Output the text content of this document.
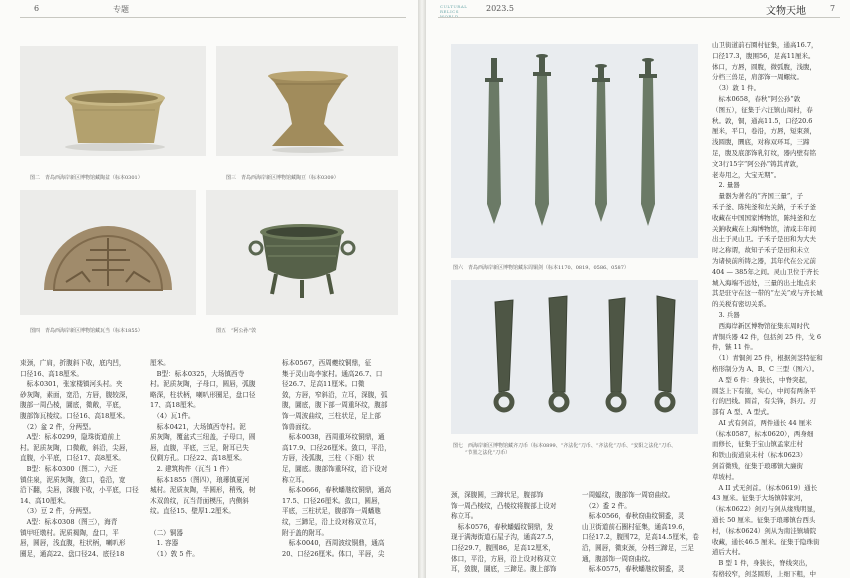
6	专题
图二　青岛西海岸新区博物馆藏陶盆（标本0301）	图三　青岛西海岸新区博物馆藏陶豆（标本0309）
图四　青岛西海岸新区博物馆藏瓦当（标本1855）	图五　“阿公孙”敦
束颈，广肩，折腹斜下收，底内凹，
口径16、高18厘米。
　标本0301，张家楼镇河头村。夹
砂灰陶，素面，宽沿，方唇，腹较深，
腹部一周凸棱，圜底，微敞，平底，
腹部饰瓦棱纹。口径16、高18厘米。
　（2）盆 2 件，分两型。
　A型：标本0299，隐珠街道前上
村。泥质灰陶，口微敞，斜沿，尖唇，
直腹，小平底，口径17、高8厘米。
　B型：标本0300（图二），六汪
镇住泉，泥质灰陶，敛口，卷沿，宽
沿下翻，尖唇，深腹下收，小平底，口径
14、高10厘米。
　（3）豆 2 件，分两型。
　A型：标本0308（图三），海青
镇甲旺墩村。泥质褐陶，盘口，平
唇，圆唇，浅直腹，柱状柄，喇叭形
圈足，通高22、盘口径24、底径18
厘米。
　B型：标本0325，大场镇西寺
村。泥质灰陶，子母口，圆唇，弧腹
略深，柱状柄，喇叭形圈足，盘口径
17、高18厘米。
　（4）瓦1件。
　标本0421，大场镇西寺村。泥
质灰陶，覆盆式三纽盖，子母口，圆
唇，直腹，平底，三足，附耳已失
仅剩方孔。口径22、高18厘米。
　2. 建筑构件（瓦当 1 件）
　标本1855（图四），琅琊镇夏河
城村。泥质灰陶，半圆形，稍残，树
木双兽纹，瓦当背面模压，内侧斜
纹。直径15、壁厚1.2厘米。

（二）铜器
　1. 容器
　（1）敦 5 件。
标本0567，西周夔纹铜鼎，征
集于灵山岛李家村。通高26.7、口
径26.7、足高11厘米。口微
敛，方唇，窄斜沿，立耳，深腹，弧
腹，圜底，腹下部一周重环纹，腹部
饰一周波曲纹，三柱状足，足上部
饰兽面纹。
　标本0038，西周重环纹铜鼎，通
高17.9、口径26厘米。敛口，平沿，
方唇，浅弧腹，三柱（下细）状
足，圜底。腹部饰重环纹，沿下设对
称立耳。
　标本0666，春秋蟠虺纹铜鼎，通高
17.5、口径26厘米。敛口，圆唇，
平底，三柱状足，腹部饰一周蟠虺
纹，三蹄足，沿上设对称双立耳，
附于盖的附耳。
　标本0040，西周波纹铜鼎，通高
20、口径26厘米。体口，平唇，尖
CULTURAL
RELICS	文物天地
2023.5	7
图六　青岛西海岸新区博物馆藏东周铜剑（标本1170、0819、0586、0587）
图七　西海岸新区博物馆藏齐刀币（标本0899、“齐法化”刀币、“齐法化”刀币、“安阳之法化”刀币、
“节墨之法化”刀币）
山卫街道前石圈村征集，通高16.7，
口径17.3，腹围56，足高11厘米。
体口，方唇，圆腹，微弧腹，浅腹，
分档三兽足，肩部饰一周螺纹。
　（3）敦 1 件。
　标本0658，春秋“阿公孙”敦
（图五），征集于六汪镇山周村，春
秋。敦，铜，通高11.5，口径20.6
厘米，平口，卷沿，方唇，短束颈，
浅圆腹，圜底，对称双环耳，三蹄
足，腹及底部饰乳钉纹，器内壁有铭
文3行15字“阿公孙”铸其青敦，
老寿用之，大宝无期”。
　2. 量器
　量器为著名的“齐国三量”，子
禾子釜、陈纯釜和左关鈉，子禾子釜
收藏在中国国家博物馆，陈纯釜和左
关鈉收藏在上海博物馆，清咸丰年间
出土于灵山卫。子禾子是田和为大夫
时之称谓，故知子禾子是田和未立
为诸侯前所铸之器，其年代在公元前
404 — 385年之间。灵山卫位于齐长
城入海端不远处，三量的出土地点来
其是驻守在这一带的“左关”或与齐长城
的关税有密切关系。
　3. 兵器
　西海岸新区博物馆征集东周时代
青铜兵器 42 件，包括剑 25 件，戈 6
件，镞 11 件。
　（1）青铜剑 25 件，根据剑茎特征和
格形制分为 A、B、C 三型（图六）。
　A 型 6 件：身狭长，中脊突起，
圆茎上下有箍，实心，中间有两条平
行的凹线。圆首，有尖锋，斜刃。刃
部有 A 型、A 型式。
　AI 式有剑首，两件通长 44 厘米
（标本0587，标本0620），两身细
而修长，征集于宝山镇孟家庄村
和铁山街道泉末村（标本0623）
剑首微残，征集于琅琊镇大廉街
草坡村。
　A II 式无剑首。（标本0619）通长
43 厘米。征集于大场镇韩家河，
（标本0622）剑刃与剑从缘残明显，
通长 50 厘米。征集于琅琊镇台西头
村，（标本0624）剑从为南洼镇墙院
收藏，通长46.5 厘米。征集于隐珠街
道后大村。
　B 型 1 件，身狭长，脊线突出，
有格较窄，剑茎圆形，上细下粗，中
颈，深腹圆，三蹄状足，腹部饰
饰一周凸棱纹，凸棱纹将腹部上设对
称立耳。
　标本0576，春秋蟠蝠纹铜鼎，发
现于满海街道石屋子沟，通高27.5，
口径29.7，腹围86，足高12厘米，
体口，平沿，方唇，沿上设对称双立
耳，敛腹，圜底，三蹄足。腹上部饰
一周蝠纹，腹部饰一周窃曲纹。
　（2）盉 2 件。
　标本0566，春秋窃曲纹铜盉，灵
山卫街道前石圈村征集，通高19.6，
口径17.2，腹围72，足高14.5厘米，卷
沿，圆唇，微束颈，分档三蹄足，三足
通，腹部饰一周窃曲纹。
　标本0575，春秋蟠虺纹铜盉，灵
